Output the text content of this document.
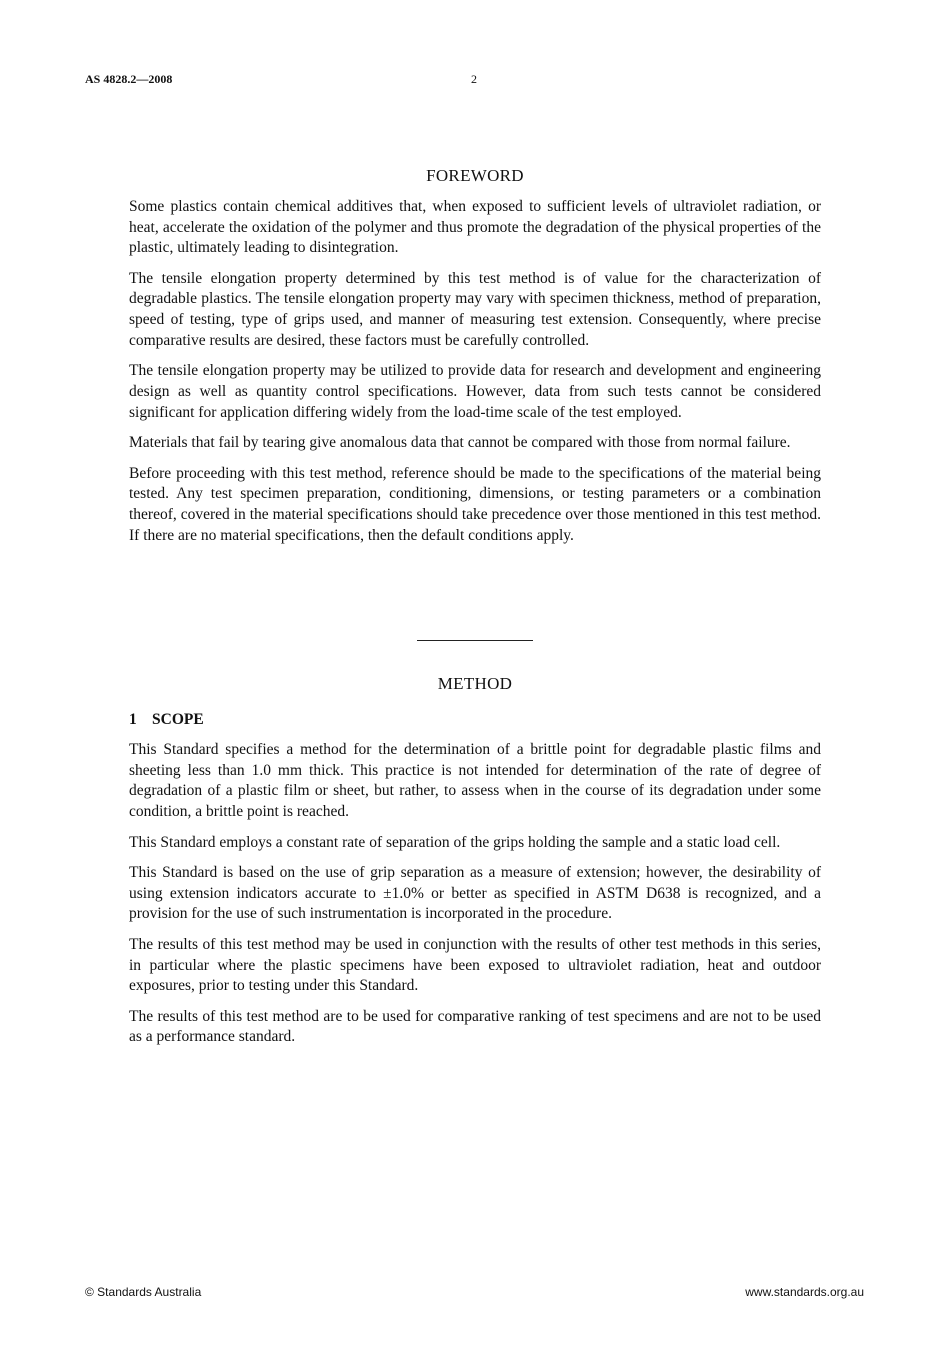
AS 4828.2—2008	2
FOREWORD

Some plastics contain chemical additives that, when exposed to sufficient levels of ultraviolet radiation, or heat, accelerate the oxidation of the polymer and thus promote the degradation of the physical properties of the plastic, ultimately leading to disintegration.

The tensile elongation property determined by this test method is of value for the characterization of degradable plastics. The tensile elongation property may vary with specimen thickness, method of preparation, speed of testing, type of grips used, and manner of measuring test extension. Consequently, where precise comparative results are desired, these factors must be carefully controlled.

The tensile elongation property may be utilized to provide data for research and development and engineering design as well as quantity control specifications. However, data from such tests cannot be considered significant for application differing widely from the load-time scale of the test employed.

Materials that fail by tearing give anomalous data that cannot be compared with those from normal failure.

Before proceeding with this test method, reference should be made to the specifications of the material being tested. Any test specimen preparation, conditioning, dimensions, or testing parameters or a combination thereof, covered in the material specifications should take precedence over those mentioned in this test method. If there are no material specifications, then the default conditions apply.

METHOD
1 SCOPE

This Standard specifies a method for the determination of a brittle point for degradable plastic films and sheeting less than 1.0 mm thick. This practice is not intended for determination of the rate of degree of degradation of a plastic film or sheet, but rather, to assess when in the course of its degradation under some condition, a brittle point is reached.

This Standard employs a constant rate of separation of the grips holding the sample and a static load cell.

This Standard is based on the use of grip separation as a measure of extension; however, the desirability of using extension indicators accurate to ±1.0% or better as specified in ASTM D638 is recognized, and a provision for the use of such instrumentation is incorporated in the procedure.

The results of this test method may be used in conjunction with the results of other test methods in this series, in particular where the plastic specimens have been exposed to ultraviolet radiation, heat and outdoor exposures, prior to testing under this Standard.

The results of this test method are to be used for comparative ranking of test specimens and are not to be used as a performance standard.

© Standards Australia	www.standards.org.au
